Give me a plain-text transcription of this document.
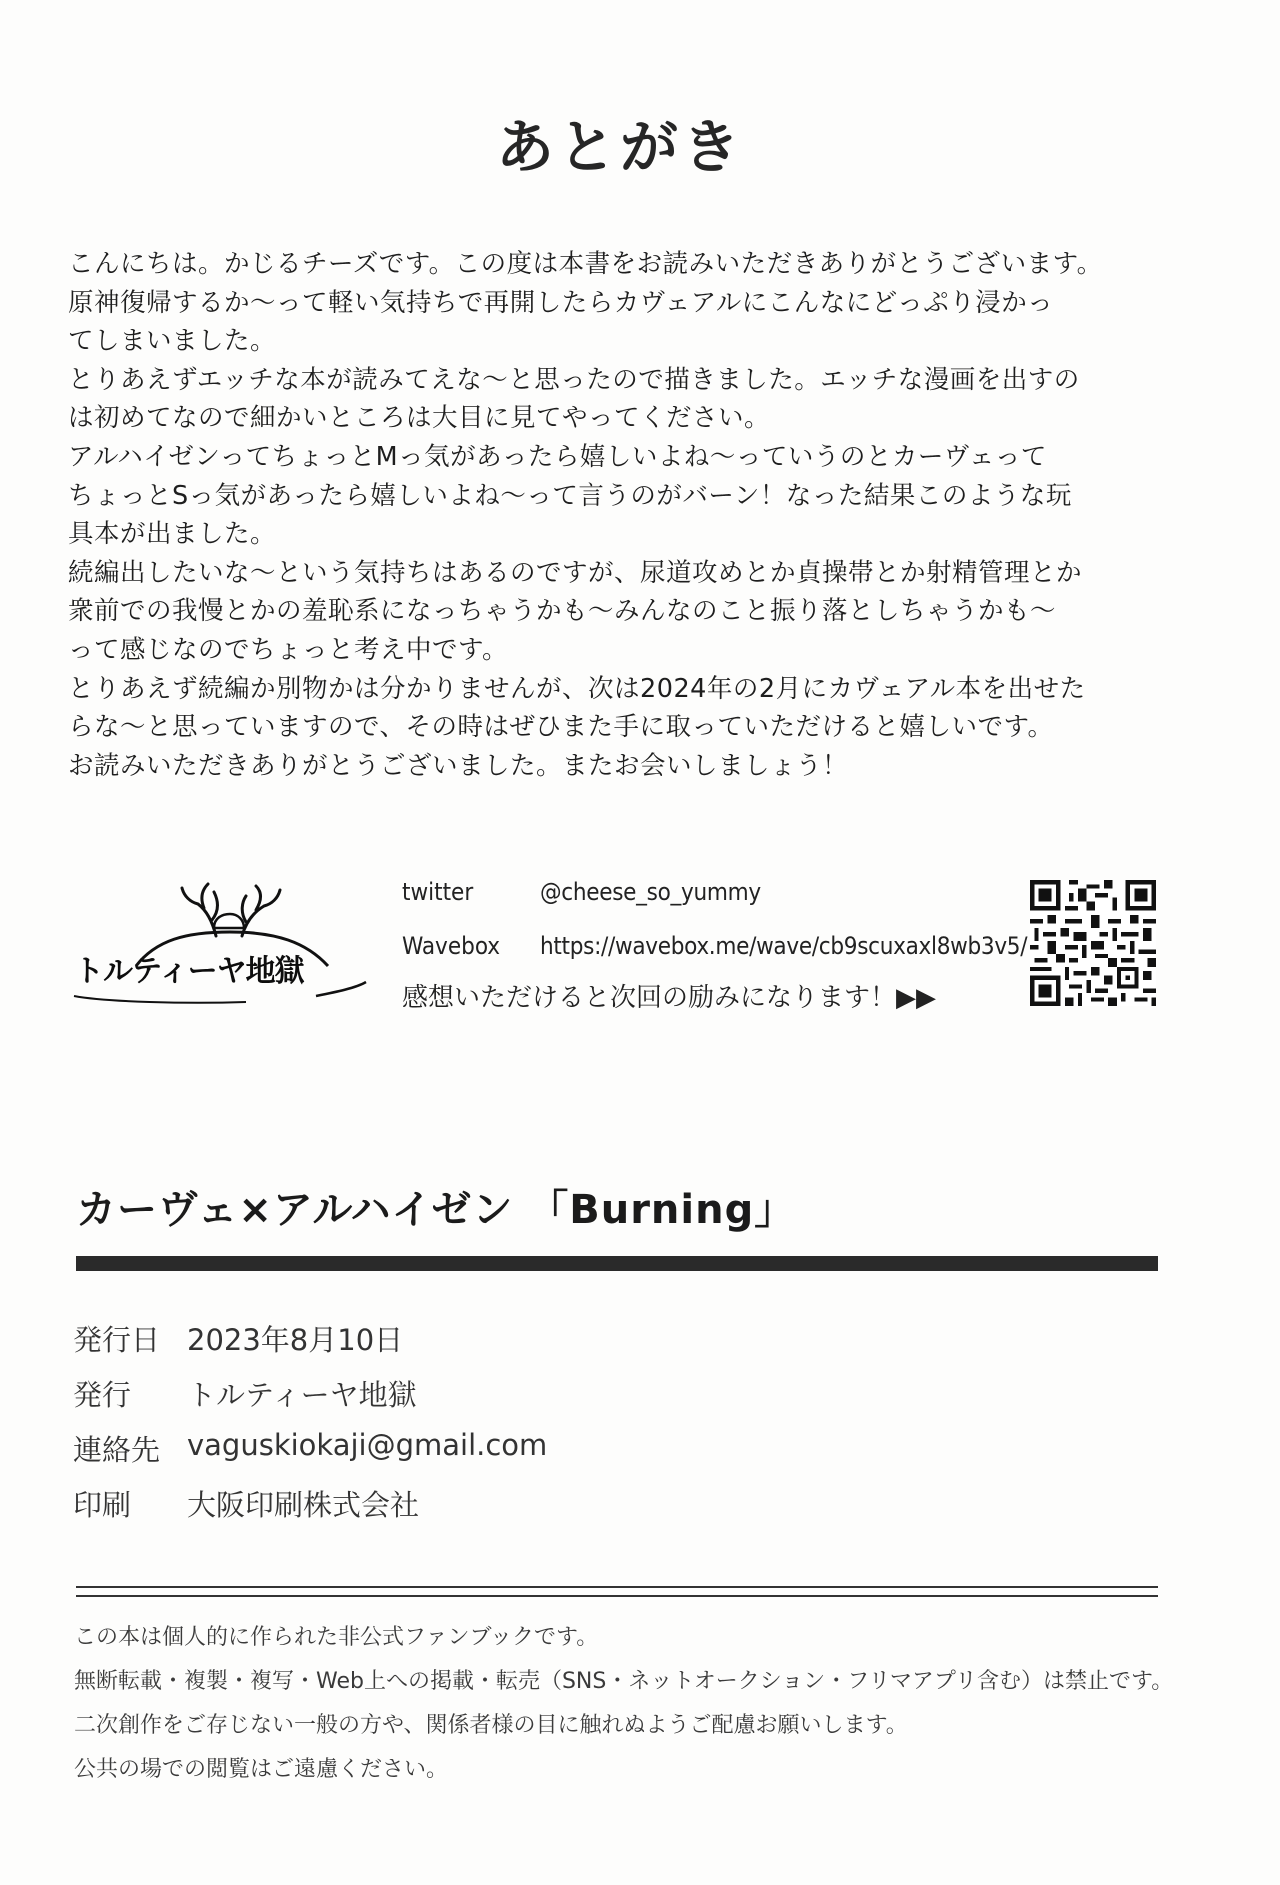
あとがき

こんにちは。かじるチーズです。この度は本書をお読みいただきありがとうございます。

原神復帰するか〜って軽い気持ちで再開したらカヴェアルにこんなにどっぷり浸かっ

てしまいました。

とりあえずエッチな本が読みてえな〜と思ったので描きました。エッチな漫画を出すの

は初めてなので細かいところは大目に見てやってください。

アルハイゼンってちょっとMっ気があったら嬉しいよね〜っていうのとカーヴェって

ちょっとSっ気があったら嬉しいよね〜って言うのがバーン！なった結果このような玩

具本が出ました。

続編出したいな〜という気持ちはあるのですが、尿道攻めとか貞操帯とか射精管理とか

衆前での我慢とかの羞恥系になっちゃうかも〜みんなのこと振り落としちゃうかも〜

って感じなのでちょっと考え中です。

とりあえず続編か別物かは分かりませんが、次は2024年の2月にカヴェアル本を出せた

らな〜と思っていますので、その時はぜひまた手に取っていただけると嬉しいです。

お読みいただきありがとうございました。またお会いしましょう！

トルティーヤ地獄
twitter	@cheese_so_yummy
Wavebox https://wavebox.me/wave/cb9scuxaxl8wb3v5/
感想いただけると次回の励みになります！▶▶
カーヴェ×アルハイゼン 「Burning」
発行日 2023年8月10日
発行 トルティーヤ地獄
連絡先 vaguskiokaji@gmail.com
印刷 大阪印刷株式会社

この本は個人的に作られた非公式ファンブックです。

無断転載・複製・複写・Web上への掲載・転売（SNS・ネットオークション・フリマアプリ含む）は禁止です。

二次創作をご存じない一般の方や、関係者様の目に触れぬようご配慮お願いします。

公共の場での閲覧はご遠慮ください。
